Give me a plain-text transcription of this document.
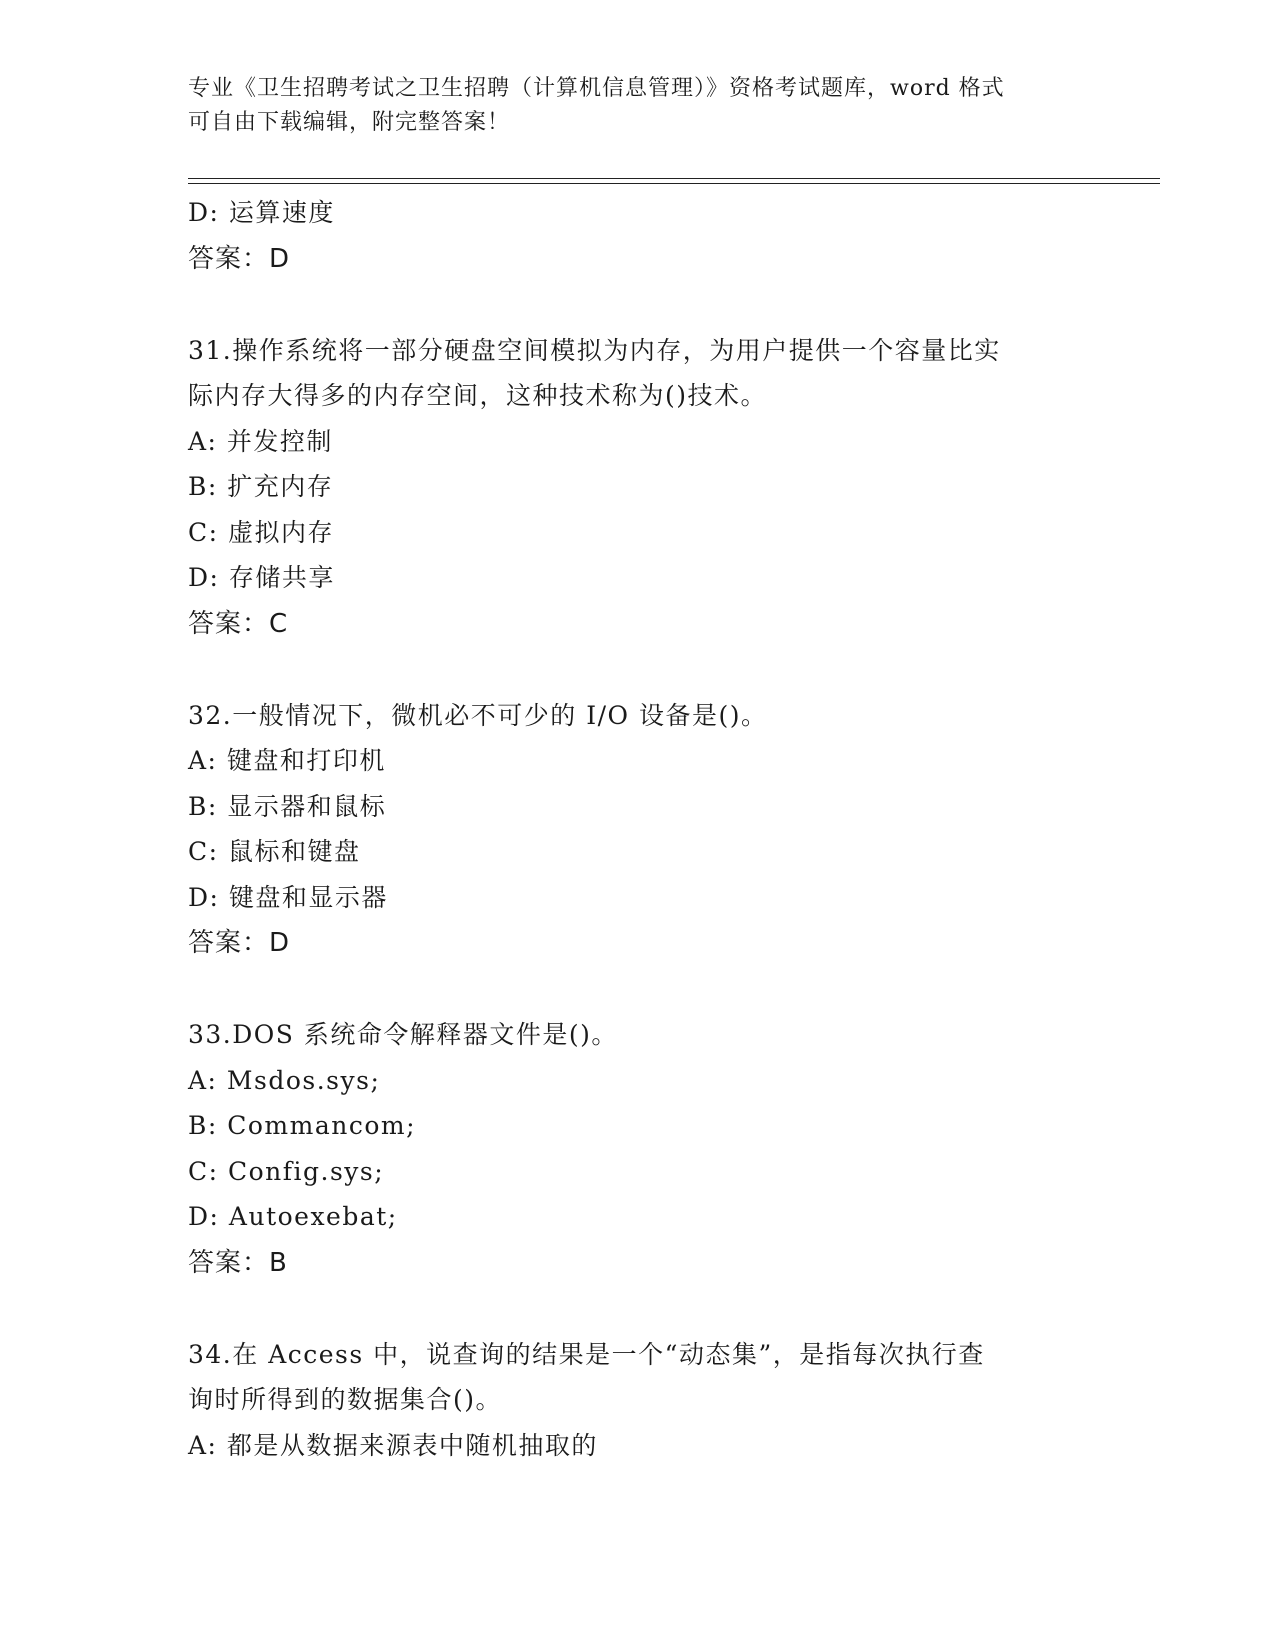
专业《卫生招聘考试之卫生招聘（计算机信息管理）》资格考试题库，word 格式
可自由下载编辑，附完整答案！
D: 运算速度
答案：D
31.操作系统将一部分硬盘空间模拟为内存，为用户提供一个容量比实
际内存大得多的内存空间，这种技术称为()技术。
A: 并发控制
B: 扩充内存
C: 虚拟内存
D: 存储共享
答案：C
32.一般情况下，微机必不可少的 I/O 设备是()。
A: 键盘和打印机
B: 显示器和鼠标
C: 鼠标和键盘
D: 键盘和显示器
答案：D
33.DOS 系统命令解释器文件是()。
A: Msdos.sys;
B: Commancom;
C: Config.sys;
D: Autoexebat;
答案：B
34.在 Access 中，说查询的结果是一个“动态集”，是指每次执行查
询时所得到的数据集合()。
A: 都是从数据来源表中随机抽取的
